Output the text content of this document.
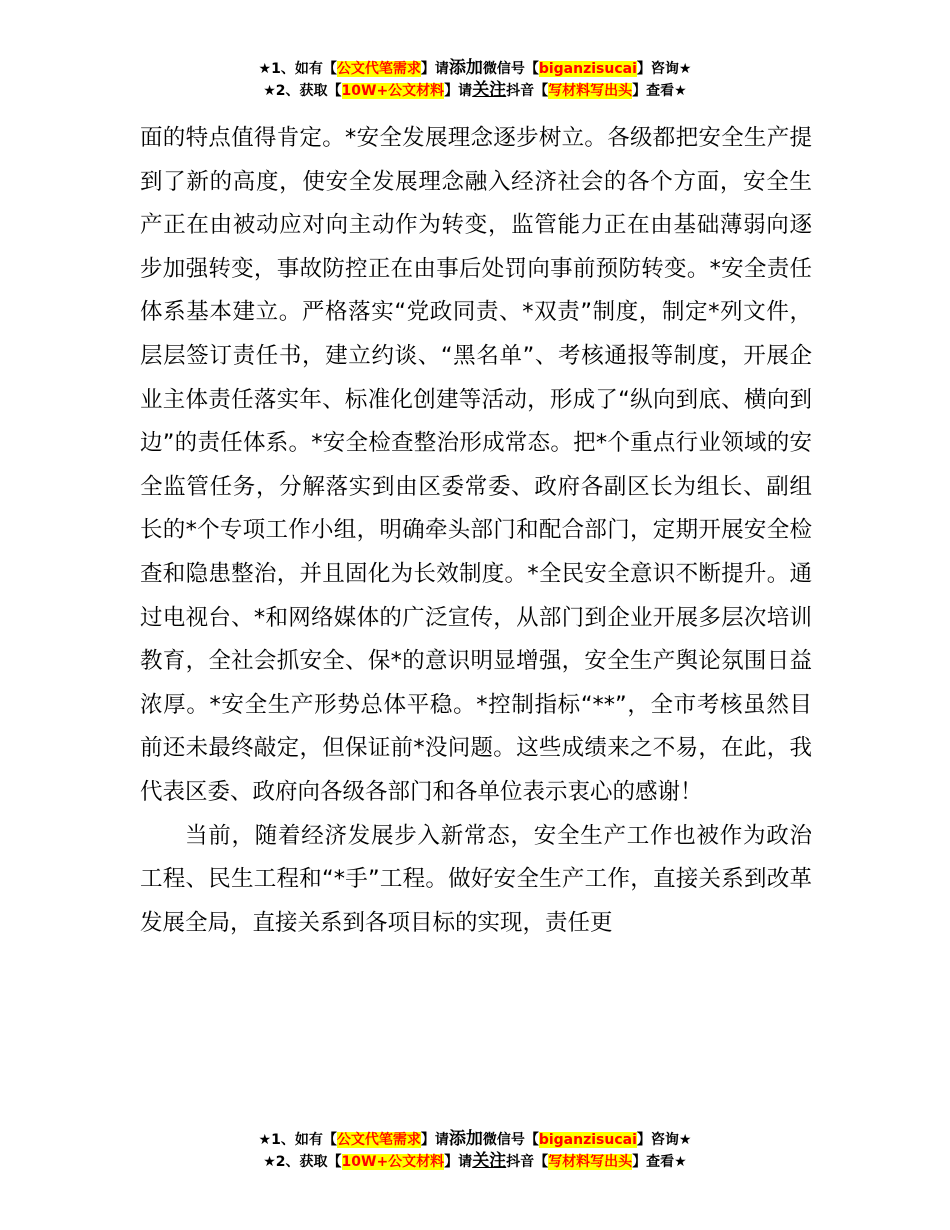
★1、如有【公文代笔需求】请添加微信号【biganzisucai】咨询★
★2、获取【10W+公文材料】请关注抖音【写材料写出头】查看★

面的特点值得肯定。*安全发展理念逐步树立。各级都把安全生产提到了新的高度，使安全发展理念融入经济社会的各个方面，安全生产正在由被动应对向主动作为转变，监管能力正在由基础薄弱向逐步加强转变，事故防控正在由事后处罚向事前预防转变。*安全责任体系基本建立。严格落实“党政同责、*双责”制度，制定*列文件，层层签订责任书，建立约谈、“黑名单”、考核通报等制度，开展企业主体责任落实年、标准化创建等活动，形成了“纵向到底、横向到边”的责任体系。*安全检查整治形成常态。把*个重点行业领域的安全监管任务，分解落实到由区委常委、政府各副区长为组长、副组长的*个专项工作小组，明确牵头部门和配合部门，定期开展安全检查和隐患整治，并且固化为长效制度。*全民安全意识不断提升。通过电视台、*和网络媒体的广泛宣传，从部门到企业开展多层次培训教育，全社会抓安全、保*的意识明显增强，安全生产舆论氛围日益浓厚。*安全生产形势总体平稳。*控制指标“**”，全市考核虽然目前还未最终敲定，但保证前*没问题。这些成绩来之不易，在此，我代表区委、政府向各级各部门和各单位表示衷心的感谢！

当前，随着经济发展步入新常态，安全生产工作也被作为政治工程、民生工程和“*手”工程。做好安全生产工作，直接关系到改革发展全局，直接关系到各项目标的实现，责任更

★1、如有【公文代笔需求】请添加微信号【biganzisucai】咨询★
★2、获取【10W+公文材料】请关注抖音【写材料写出头】查看★
